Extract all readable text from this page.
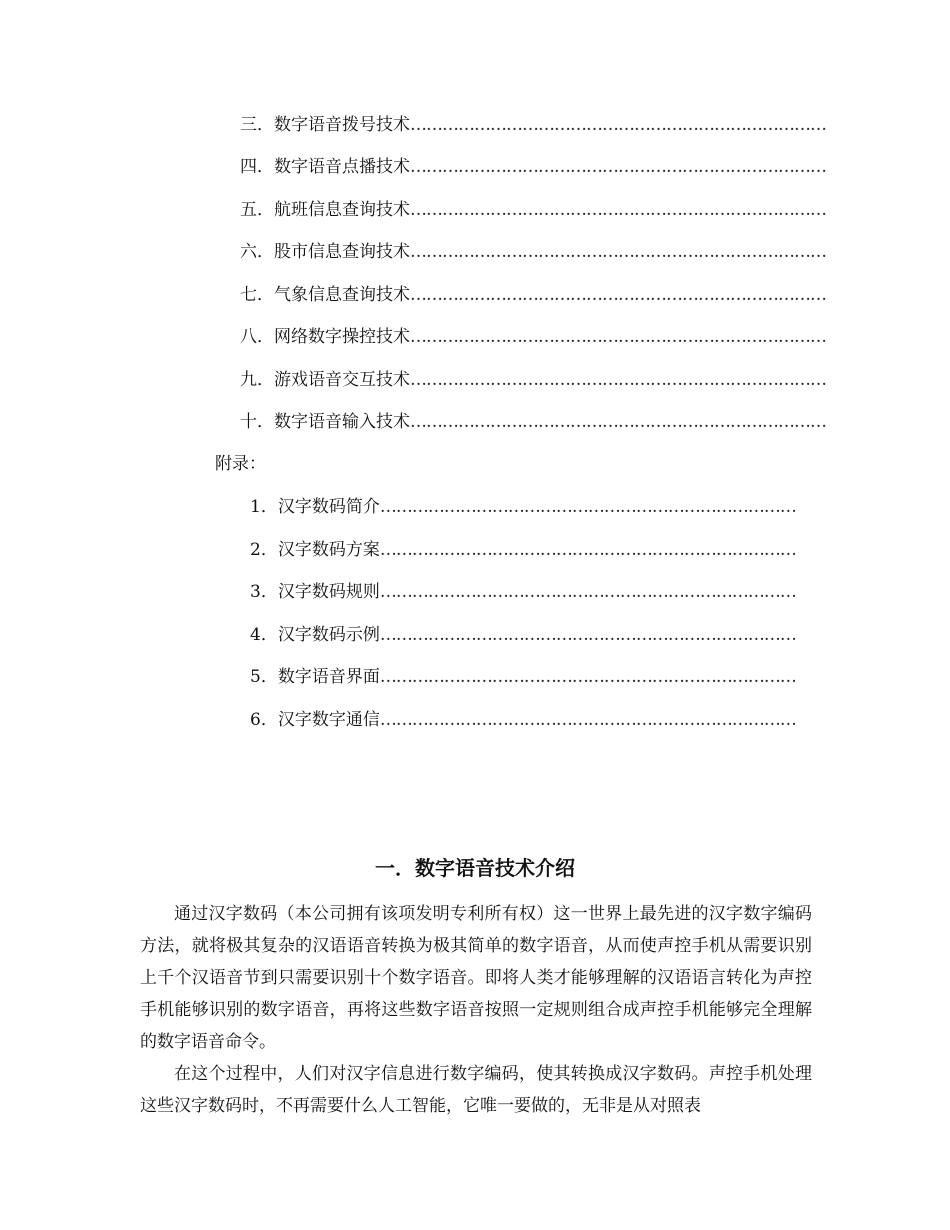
三．数字语音拨号技术……………………………………………………………………
四．数字语音点播技术……………………………………………………………………
五．航班信息查询技术……………………………………………………………………
六．股市信息查询技术……………………………………………………………………
七．气象信息查询技术……………………………………………………………………
八．网络数字操控技术……………………………………………………………………
九．游戏语音交互技术……………………………………………………………………
十．数字语音输入技术……………………………………………………………………
附录：
1．汉字数码简介……………………………………………………………………
2．汉字数码方案……………………………………………………………………
3．汉字数码规则……………………………………………………………………
4．汉字数码示例……………………………………………………………………
5．数字语音界面……………………………………………………………………
6．汉字数字通信……………………………………………………………………
一．数字语音技术介绍

通过汉字数码（本公司拥有该项发明专利所有权）这一世界上最先进的汉字数字编码方法，就将极其复杂的汉语语音转换为极其简单的数字语音，从而使声控手机从需要识别上千个汉语音节到只需要识别十个数字语音。即将人类才能够理解的汉语语言转化为声控手机能够识别的数字语音，再将这些数字语音按照一定规则组合成声控手机能够完全理解的数字语音命令。

在这个过程中，人们对汉字信息进行数字编码，使其转换成汉字数码。声控手机处理这些汉字数码时，不再需要什么人工智能，它唯一要做的，无非是从对照表
